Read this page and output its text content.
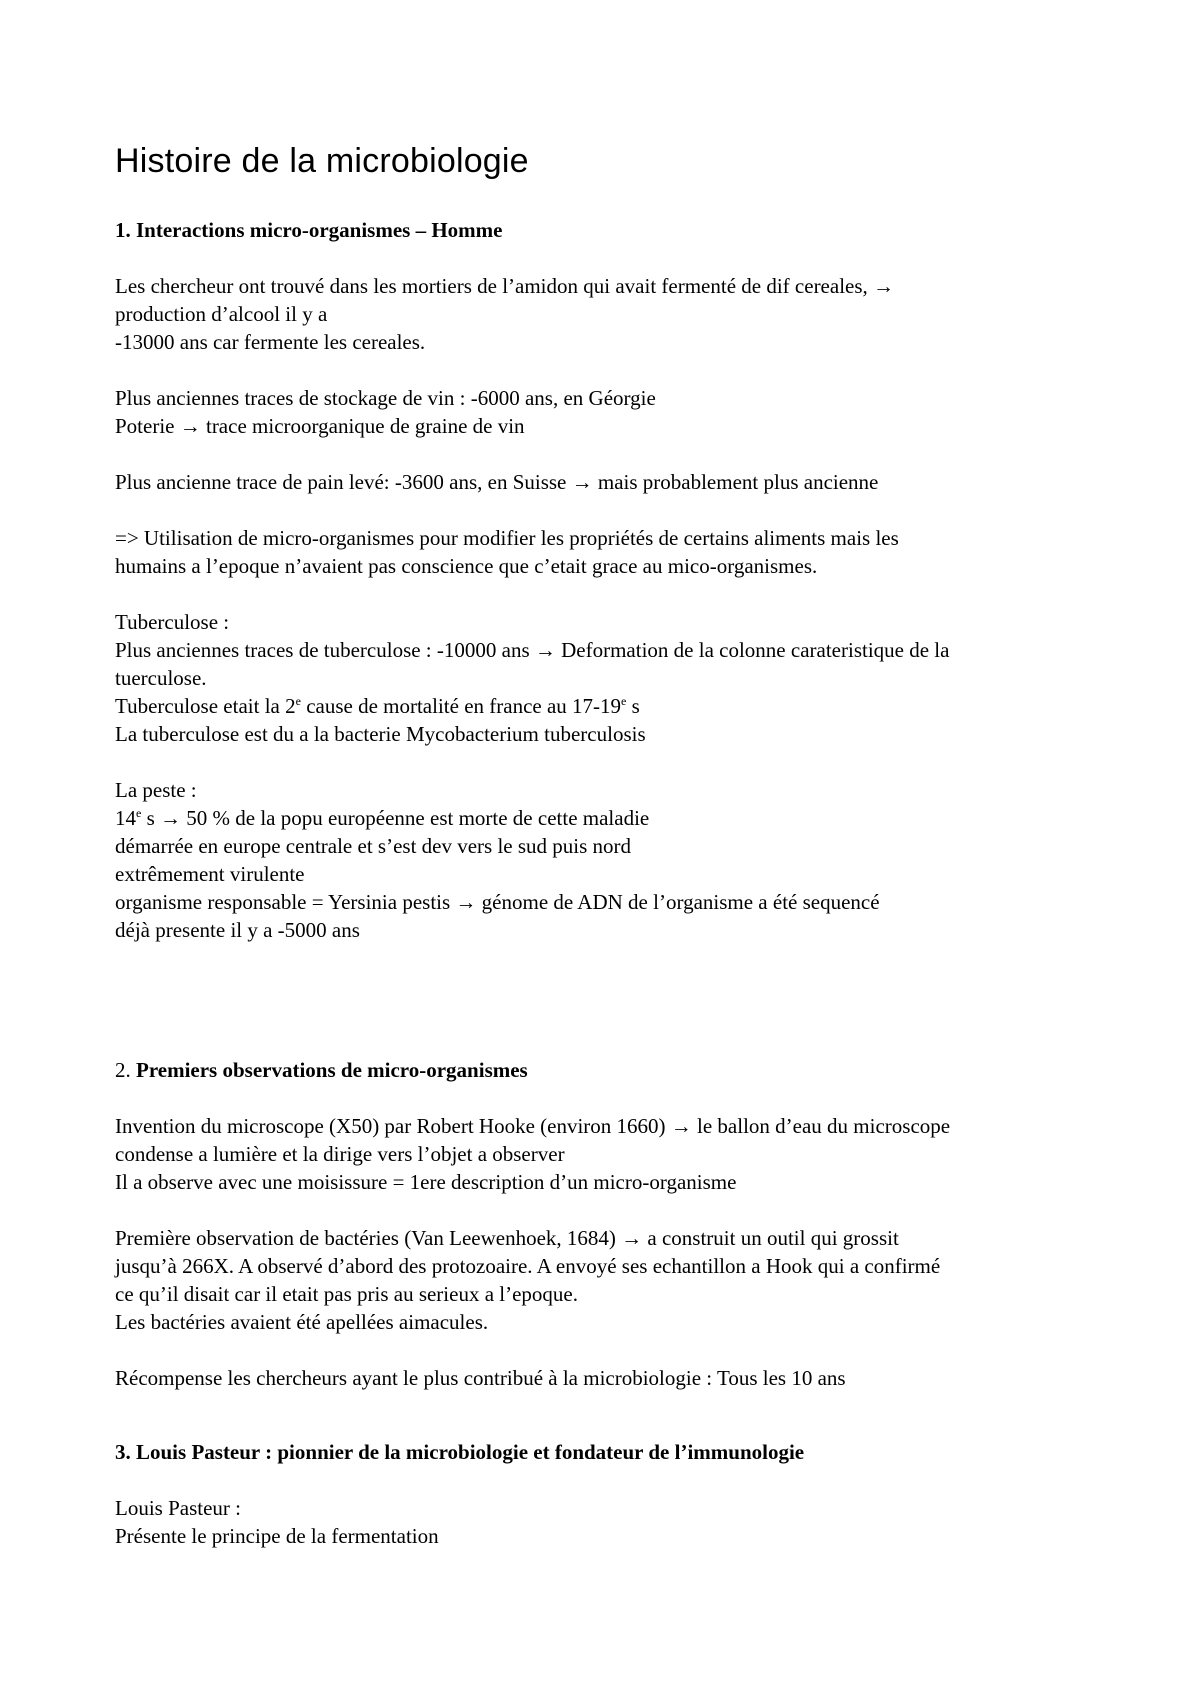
Histoire de la microbiologie

1. Interactions micro-organismes – Homme

Les chercheur ont trouvé dans les mortiers de l’amidon qui avait fermenté de dif cereales, →

production d’alcool il y a

-13000 ans car fermente les cereales.

Plus anciennes traces de stockage de vin : -6000 ans, en Géorgie

Poterie → trace microorganique de graine de vin

Plus ancienne trace de pain levé: -3600 ans, en Suisse → mais probablement plus ancienne

=> Utilisation de micro-organismes pour modifier les propriétés de certains aliments mais les

humains a l’epoque n’avaient pas conscience que c’etait grace au mico-organismes.

Tuberculose :

Plus anciennes traces de tuberculose : -10000 ans → Deformation de la colonne carateristique de la

tuerculose.

Tuberculose etait la 2e cause de mortalité en france au 17-19e s

La tuberculose est du a la bacterie Mycobacterium tuberculosis

La peste :

14e s → 50 % de la popu européenne est morte de cette maladie

démarrée en europe centrale et s’est dev vers le sud puis nord

extrêmement virulente

organisme responsable = Yersinia pestis → génome de ADN de l’organisme a été sequencé

déjà presente il y a -5000 ans

2. Premiers observations de micro-organismes

Invention du microscope (X50) par Robert Hooke (environ 1660) → le ballon d’eau du microscope

condense a lumière et la dirige vers l’objet a observer

Il a observe avec une moisissure = 1ere description d’un micro-organisme

Première observation de bactéries (Van Leewenhoek, 1684) → a construit un outil qui grossit

jusqu’à 266X. A observé d’abord des protozoaire. A envoyé ses echantillon a Hook qui a confirmé

ce qu’il disait car il etait pas pris au serieux a l’epoque.

Les bactéries avaient été apellées aimacules.

Récompense les chercheurs ayant le plus contribué à la microbiologie : Tous les 10 ans

3. Louis Pasteur : pionnier de la microbiologie et fondateur de l’immunologie

Louis Pasteur :

Présente le principe de la fermentation
